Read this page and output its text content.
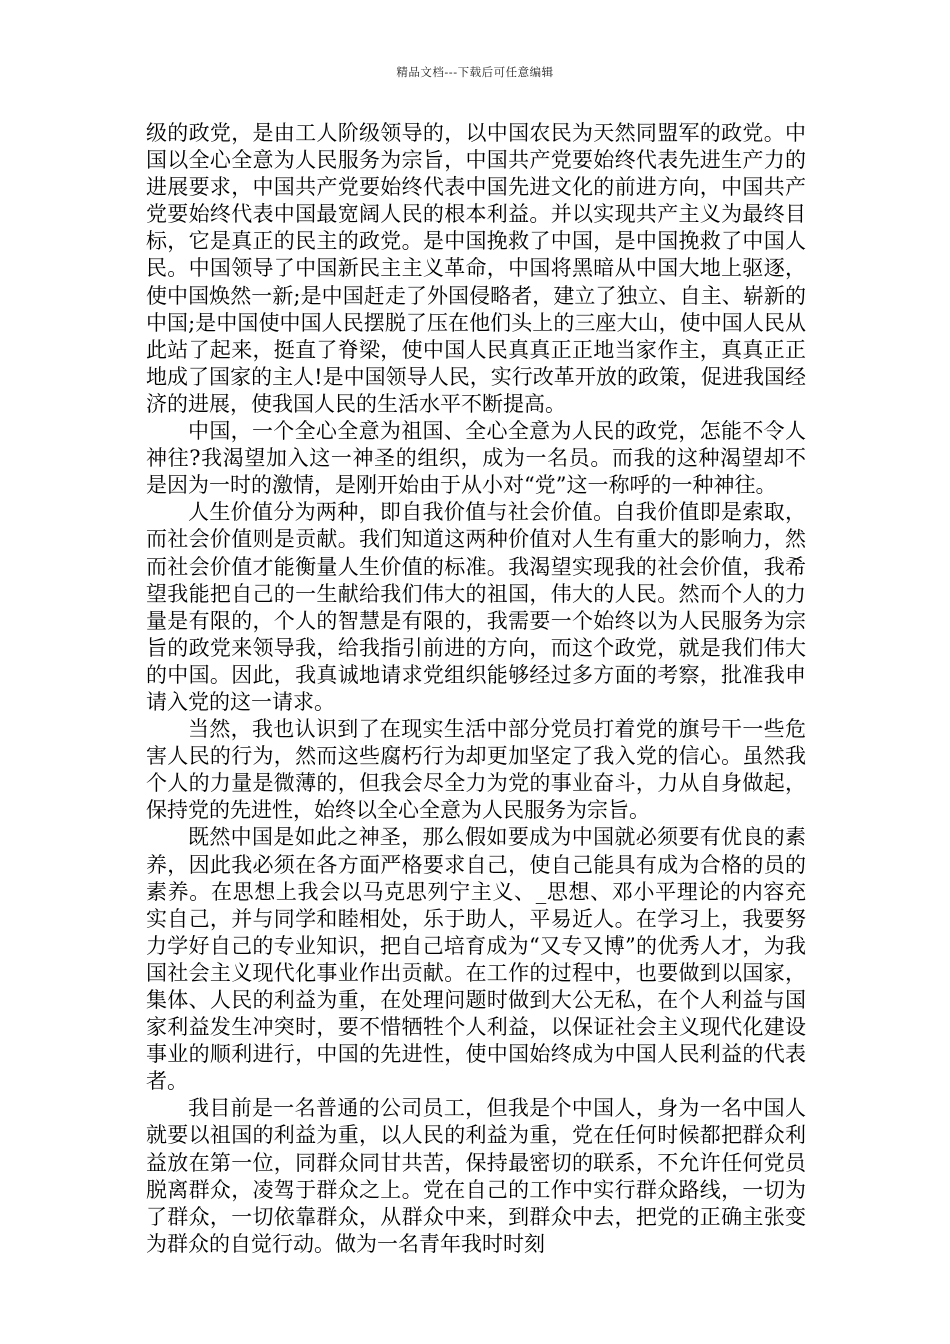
精品文档---下载后可任意编辑

级的政党，是由工人阶级领导的，以中国农民为天然同盟军的政党。中国以全心全意为人民服务为宗旨，中国共产党要始终代表先进生产力的进展要求，中国共产党要始终代表中国先进文化的前进方向，中国共产党要始终代表中国最宽阔人民的根本利益。并以实现共产主义为最终目标，它是真正的民主的政党。是中国挽救了中国，是中国挽救了中国人民。中国领导了中国新民主主义革命，中国将黑暗从中国大地上驱逐，使中国焕然一新;是中国赶走了外国侵略者，建立了独立、自主、崭新的中国;是中国使中国人民摆脱了压在他们头上的三座大山，使中国人民从此站了起来，挺直了脊梁，使中国人民真真正正地当家作主，真真正正地成了国家的主人!是中国领导人民，实行改革开放的政策，促进我国经济的进展，使我国人民的生活水平不断提高。

中国，一个全心全意为祖国、全心全意为人民的政党，怎能不令人神往?我渴望加入这一神圣的组织，成为一名员。而我的这种渴望却不是因为一时的激情，是刚开始由于从小对“党”这一称呼的一种神往。

人生价值分为两种，即自我价值与社会价值。自我价值即是索取，而社会价值则是贡献。我们知道这两种价值对人生有重大的影响力，然而社会价值才能衡量人生价值的标准。我渴望实现我的社会价值，我希望我能把自己的一生献给我们伟大的祖国，伟大的人民。然而个人的力量是有限的，个人的智慧是有限的，我需要一个始终以为人民服务为宗旨的政党来领导我，给我指引前进的方向，而这个政党，就是我们伟大的中国。因此，我真诚地请求党组织能够经过多方面的考察，批准我申请入党的这一请求。

当然，我也认识到了在现实生活中部分党员打着党的旗号干一些危害人民的行为，然而这些腐朽行为却更加坚定了我入党的信心。虽然我个人的力量是微薄的，但我会尽全力为党的事业奋斗，力从自身做起，保持党的先进性，始终以全心全意为人民服务为宗旨。

既然中国是如此之神圣，那么假如要成为中国就必须要有优良的素养，因此我必须在各方面严格要求自己，使自己能具有成为合格的员的素养。在思想上我会以马克思列宁主义、_思想、邓小平理论的内容充实自己，并与同学和睦相处，乐于助人，平易近人。在学习上，我要努力学好自己的专业知识，把自己培育成为“又专又博”的优秀人才，为我国社会主义现代化事业作出贡献。在工作的过程中，也要做到以国家，集体、人民的利益为重，在处理问题时做到大公无私，在个人利益与国家利益发生冲突时，要不惜牺牲个人利益，以保证社会主义现代化建设事业的顺利进行，中国的先进性，使中国始终成为中国人民利益的代表者。

我目前是一名普通的公司员工，但我是个中国人，身为一名中国人就要以祖国的利益为重，以人民的利益为重，党在任何时候都把群众利益放在第一位，同群众同甘共苦，保持最密切的联系，不允许任何党员脱离群众，凌驾于群众之上。党在自己的工作中实行群众路线，一切为了群众，一切依靠群众，从群众中来，到群众中去，把党的正确主张变为群众的自觉行动。做为一名青年我时时刻
